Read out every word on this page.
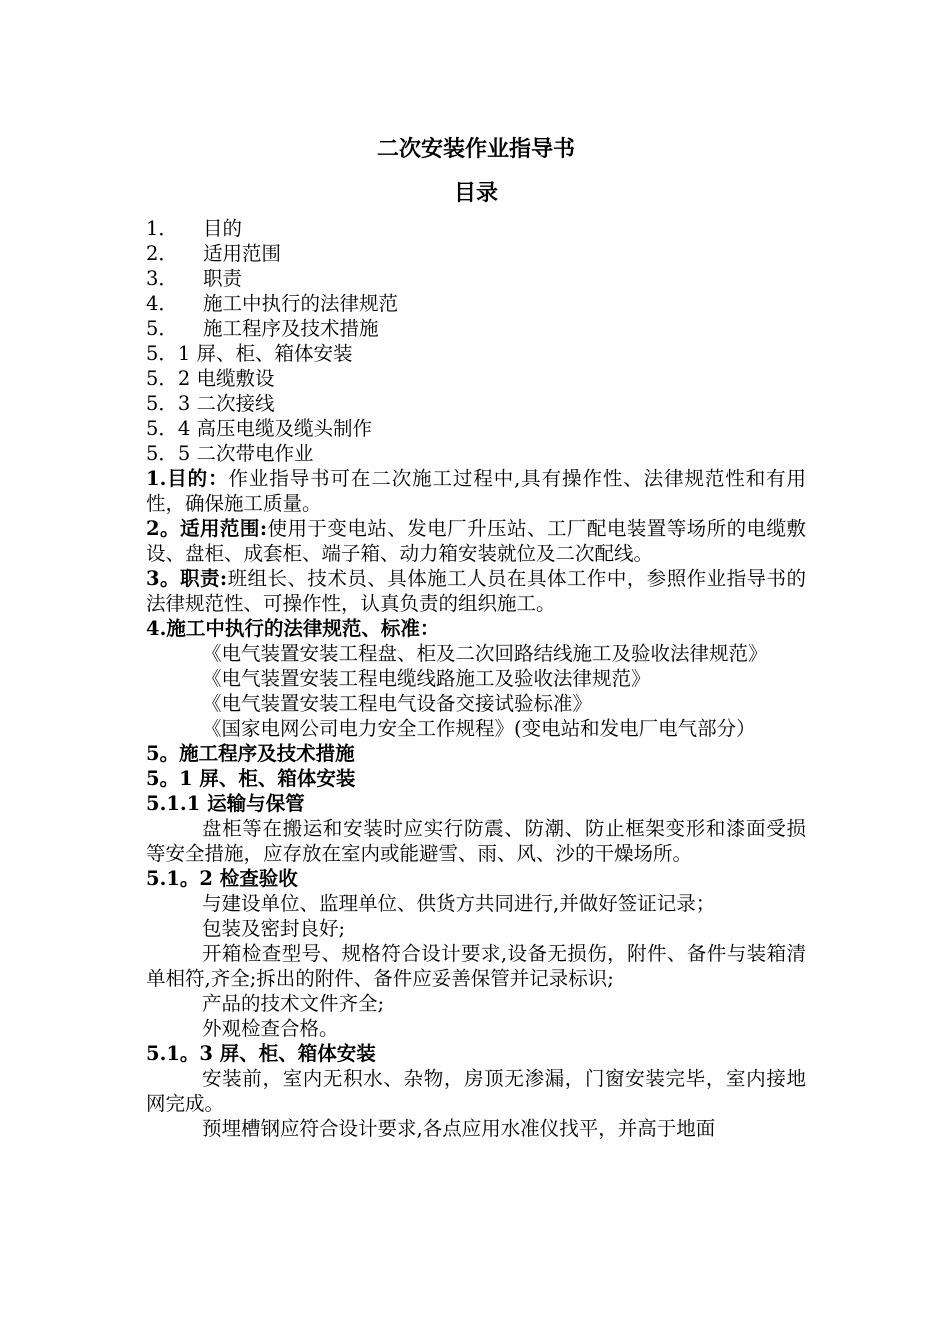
二次安装作业指导书
目录
1． 目的
2． 适用范围
3． 职责
4． 施工中执行的法律规范
5． 施工程序及技术措施
5．1 屏、柜、箱体安装
5．2 电缆敷设
5．3 二次接线
5．4 高压电缆及缆头制作
5．5 二次带电作业

1.目的：作业指导书可在二次施工过程中,具有操作性、法律规范性和有用性，确保施工质量。

2。适用范围:使用于变电站、发电厂升压站、工厂配电装置等场所的电缆敷设、盘柜、成套柜、端子箱、动力箱安装就位及二次配线。

3。职责:班组长、技术员、具体施工人员在具体工作中，参照作业指导书的法律规范性、可操作性，认真负责的组织施工。

4.施工中执行的法律规范、标准：

《电气装置安装工程盘、柜及二次回路结线施工及验收法律规范》

《电气装置安装工程电缆线路施工及验收法律规范》

《电气装置安装工程电气设备交接试验标准》

《国家电网公司电力安全工作规程》(变电站和发电厂电气部分）

5。施工程序及技术措施

5。1 屏、柜、箱体安装

5.1.1 运输与保管

盘柜等在搬运和安装时应实行防震、防潮、防止框架变形和漆面受损等安全措施，应存放在室内或能避雪、雨、风、沙的干燥场所。

5.1。2 检查验收

与建设单位、监理单位、供货方共同进行,并做好签证记录；

包装及密封良好;

开箱检查型号、规格符合设计要求,设备无损伤，附件、备件与装箱清单相符,齐全;拆出的附件、备件应妥善保管并记录标识;

产品的技术文件齐全;

外观检查合格。

5.1。3 屏、柜、箱体安装

安装前，室内无积水、杂物，房顶无渗漏，门窗安装完毕，室内接地网完成。

预埋槽钢应符合设计要求,各点应用水准仪找平，并高于地面
